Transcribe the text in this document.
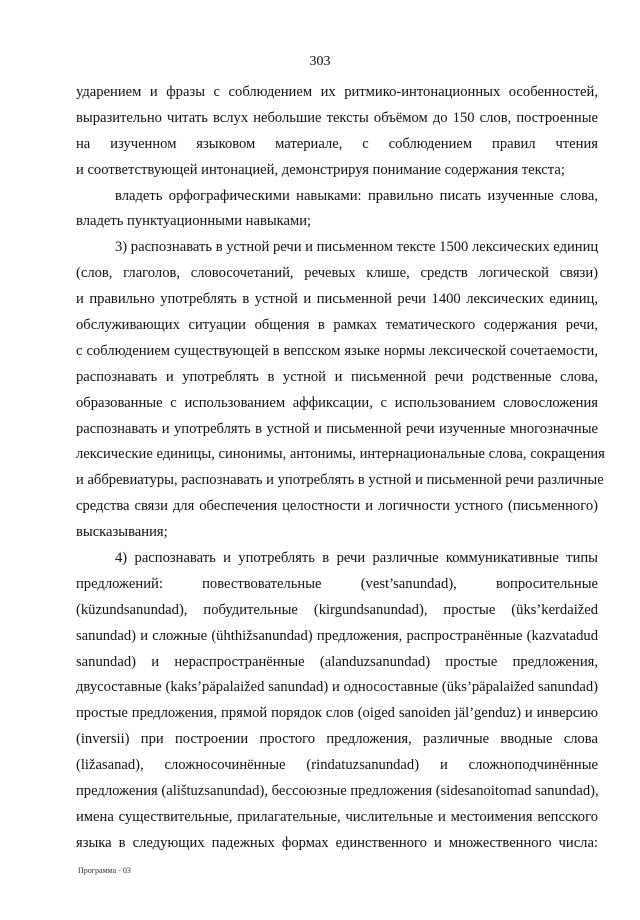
303
ударением и фразы с соблюдением их ритмико-интонационных особенностей,
выразительно читать вслух небольшие тексты объёмом до 150 слов, построенные
на изученном языковом материале, с соблюдением правил чтения
и соответствующей интонацией, демонстрируя понимание содержания текста;
владеть орфографическими навыками: правильно писать изученные слова,
владеть пунктуационными навыками;
3) распознавать в устной речи и письменном тексте 1500 лексических единиц
(слов, глаголов, словосочетаний, речевых клише, средств логической связи)
и правильно употреблять в устной и письменной речи 1400 лексических единиц,
обслуживающих ситуации общения в рамках тематического содержания речи,
с соблюдением существующей в вепсском языке нормы лексической сочетаемости,
распознавать и употреблять в устной и письменной речи родственные слова,
образованные с использованием аффиксации, с использованием словосложения
распознавать и употреблять в устной и письменной речи изученные многозначные
лексические единицы, синонимы, антонимы, интернациональные слова, сокращения
и аббревиатуры, распознавать и употреблять в устной и письменной речи различные
средства связи для обеспечения целостности и логичности устного (письменного)
высказывания;
4) распознавать и употреблять в речи различные коммуникативные типы
предложений: повествовательные (vest’sanundad), вопросительные
(küzundsanundad), побудительные (kirgundsanundad), простые (üks’kerdaižed
sanundad) и сложные (ühthižsanundad) предложения, распространённые (kazvatadud
sanundad) и нераспространённые (alanduzsanundad) простые предложения,
двусоставные (kaks’päpalaižed sanundad) и односоставные (üks’päpalaižed sanundad)
простые предложения, прямой порядок слов (oiged sanoiden jäl’genduz) и инверсию
(inversii) при построении простого предложения, различные вводные слова
(ližasanad), сложносочинённые (rindatuzsanundad) и сложноподчинённые
предложения (alištuzsanundad), бессоюзные предложения (sidesanoitomad sanundad),
имена существительные, прилагательные, числительные и местоимения вепсского
языка в следующих падежных формах единственного и множественного числа:
Программа - 03
